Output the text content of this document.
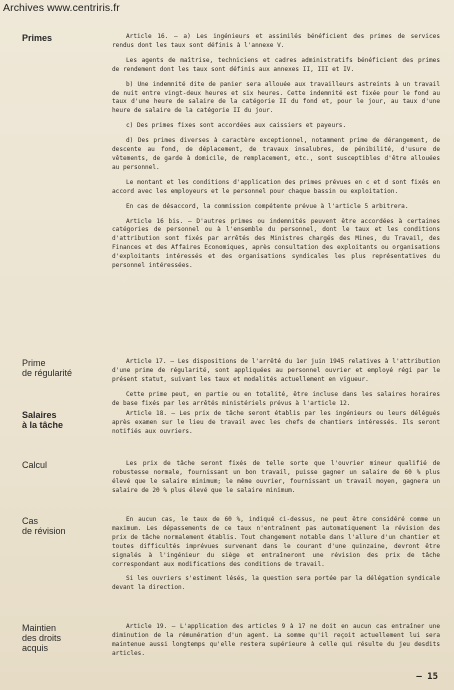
Archives www.centriris.fr
Primes	Article 16. — a) Les ingénieurs et assimilés bénéficient des primes de services rendus dont les taux sont définis à l'annexe V.

Les agents de maîtrise, techniciens et cadres administratifs bénéficient des primes de rendement dont les taux sont définis aux annexes II, III et IV.

b) Une indemnité dite de panier sera allouée aux travailleurs astreints à un travail de nuit entre vingt-deux heures et six heures. Cette indemnité est fixée pour le fond au taux d'une heure de salaire de la catégorie II du fond et, pour le jour, au taux d'une heure de salaire de la catégorie II du jour.

c) Des primes fixes sont accordées aux caissiers et payeurs.

d) Des primes diverses à caractère exceptionnel, notamment prime de dérangement, de descente au fond, de déplacement, de travaux insalubres, de pénibilité, d'usure de vêtements, de garde à domicile, de remplacement, etc., sont susceptibles d'être allouées au personnel.

Le montant et les conditions d'application des primes prévues en c et d sont fixés en accord avec les employeurs et le personnel pour chaque bassin ou exploitation.

En cas de désaccord, la commission compétente prévue à l'article 5 arbitrera.

Article 16 bis. — D'autres primes ou indemnités peuvent être accordées à certaines catégories de personnel ou à l'ensemble du personnel, dont le taux et les conditions d'attribution sont fixés par arrêtés des Ministres chargés des Mines, du Travail, des Finances et des Affaires Economiques, après consultation des exploitants ou organisations d'exploitants intéressés et des organisations syndicales les plus représentatives du personnel intéressées.

Prime
de régularité

Article 17. — Les dispositions de l'arrêté du 1er juin 1945 relatives à l'attribution d'une prime de régularité, sont appliquées au personnel ouvrier et employé régi par le présent statut, suivant les taux et modalités actuellement en vigueur.

Cette prime peut, en partie ou en totalité, être incluse dans les salaires horaires de base fixés par les arrêtés ministériels prévus à l'article 12.

Salaires
à la tâche

Article 18. — Les prix de tâche seront établis par les ingénieurs ou leurs délégués après examen sur le lieu de travail avec les chefs de chantiers intéressés. Ils seront notifiés aux ouvriers.

Calcul	Les prix de tâche seront fixés de telle sorte que l'ouvrier mineur qualifié de robustesse normale, fournissant un bon travail, puisse gagner un salaire de 60 % plus élevé que le salaire minimum; le même ouvrier, fournissant un travail moyen, gagnera un salaire de 20 % plus élevé que le salaire minimum.

Cas
de révision

En aucun cas, le taux de 60 %, indiqué ci-dessus, ne peut être considéré comme un maximum. Les dépassements de ce taux n'entraînent pas automatiquement la révision des prix de tâche normalement établis. Tout changement notable dans l'allure d'un chantier et toutes difficultés imprévues survenant dans le courant d'une quinzaine, devront être signalés à l'ingénieur du siège et entraîneront une révision des prix de tâche correspondant aux modifications des conditions de travail.

Si les ouvriers s'estiment lésés, la question sera portée par la délégation syndicale devant la direction.

Maintien
des droits
acquis

Article 19. — L'application des articles 9 à 17 ne doit en aucun cas entraîner une diminution de la rémunération d'un agent. La somme qu'il reçoit actuellement lui sera maintenue aussi longtemps qu'elle restera supérieure à celle qui résulte du jeu desdits articles.

— 15
